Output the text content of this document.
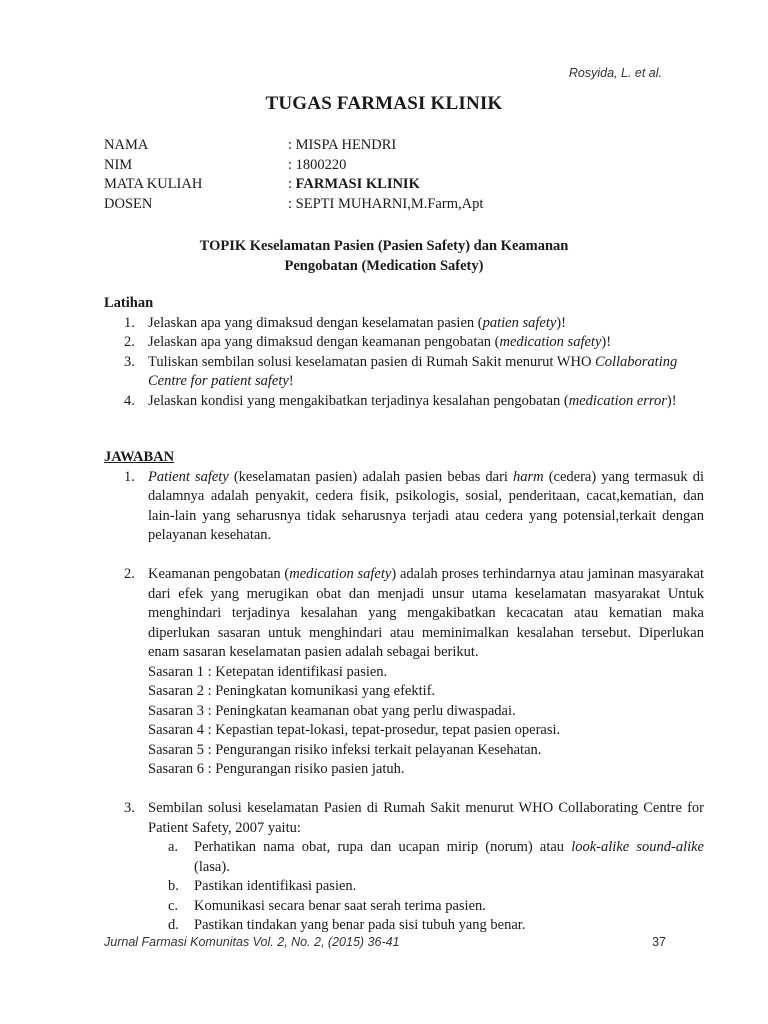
Rosyida, L. et al.
TUGAS FARMASI KLINIK
NAMA	: MISPA HENDRI
NIM	: 1800220
MATA KULIAH	: FARMASI KLINIK
DOSEN	: SEPTI MUHARNI,M.Farm,Apt
TOPIK Keselamatan Pasien (Pasien Safety) dan Keamanan
Pengobatan (Medication Safety)
Latihan
1. Jelaskan apa yang dimaksud dengan keselamatan pasien (patien safety)!
2. Jelaskan apa yang dimaksud dengan keamanan pengobatan (medication safety)!
3. Tuliskan sembilan solusi keselamatan pasien di Rumah Sakit menurut WHO Collaborating Centre for patient safety!
4. Jelaskan kondisi yang mengakibatkan terjadinya kesalahan pengobatan (medication error)!
JAWABAN
1. Patient safety (keselamatan pasien) adalah pasien bebas dari harm (cedera) yang termasuk di dalamnya adalah penyakit, cedera fisik, psikologis, sosial, penderitaan, cacat,kematian, dan lain-lain yang seharusnya tidak seharusnya terjadi atau cedera yang potensial,terkait dengan pelayanan kesehatan.
2. Keamanan pengobatan (medication safety) adalah proses terhindarnya atau jaminan masyarakat dari efek yang merugikan obat dan menjadi unsur utama keselamatan masyarakat Untuk menghindari terjadinya kesalahan yang mengakibatkan kecacatan atau kematian maka diperlukan sasaran untuk menghindari atau meminimalkan kesalahan tersebut. Diperlukan enam sasaran keselamatan pasien adalah sebagai berikut.
Sasaran 1 : Ketepatan identifikasi pasien.
Sasaran 2 : Peningkatan komunikasi yang efektif.
Sasaran 3 : Peningkatan keamanan obat yang perlu diwaspadai.
Sasaran 4 : Kepastian tepat-lokasi, tepat-prosedur, tepat pasien operasi.
Sasaran 5 : Pengurangan risiko infeksi terkait pelayanan Kesehatan.
Sasaran 6 : Pengurangan risiko pasien jatuh.
3. Sembilan solusi keselamatan Pasien di Rumah Sakit menurut WHO Collaborating Centre for Patient Safety, 2007 yaitu:
a.	Perhatikan nama obat, rupa dan ucapan mirip (norum) atau look-alike sound-alike (lasa).
b.	Pastikan identifikasi pasien.
c.	Komunikasi secara benar saat serah terima pasien.
d.	Pastikan tindakan yang benar pada sisi tubuh yang benar.
Jurnal Farmasi Komunitas Vol. 2, No. 2, (2015) 36-41	37
